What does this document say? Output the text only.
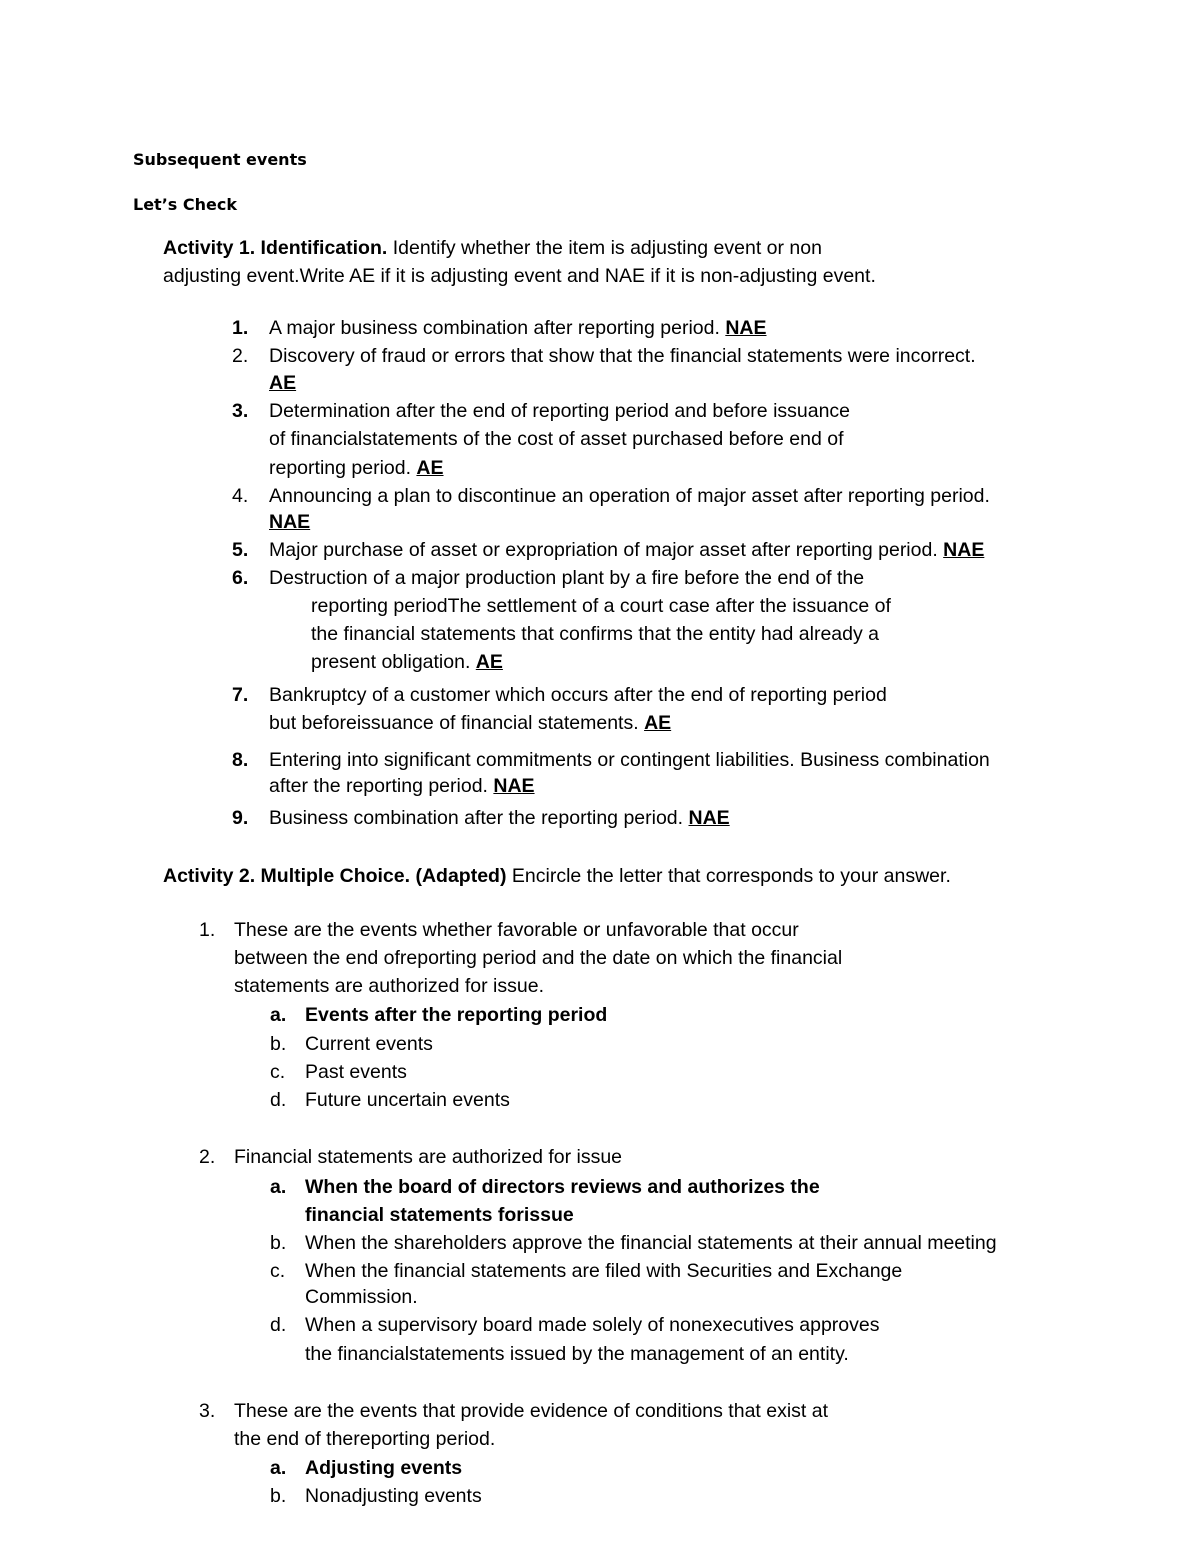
Subsequent events
Let’s Check
Activity 1. Identification. Identify whether the item is adjusting event or non
adjusting event.Write AE if it is adjusting event and NAE if it is non-adjusting event.
1. A major business combination after reporting period. NAE
2. Discovery of fraud or errors that show that the financial statements were incorrect.
AE
3. Determination after the end of reporting period and before issuance
of financialstatements of the cost of asset purchased before end of
reporting period. AE
4. Announcing a plan to discontinue an operation of major asset after reporting period.
NAE
5. Major purchase of asset or expropriation of major asset after reporting period. NAE
6. Destruction of a major production plant by a fire before the end of the
reporting periodThe settlement of a court case after the issuance of
the financial statements that confirms that the entity had already a
present obligation. AE
7. Bankruptcy of a customer which occurs after the end of reporting period
but beforeissuance of financial statements. AE
8. Entering into significant commitments or contingent liabilities. Business combination
after the reporting period. NAE
9. Business combination after the reporting period. NAE
Activity 2. Multiple Choice. (Adapted) Encircle the letter that corresponds to your answer.
1. These are the events whether favorable or unfavorable that occur
between the end ofreporting period and the date on which the financial
statements are authorized for issue.
a. Events after the reporting period
b. Current events
c. Past events
d. Future uncertain events
2. Financial statements are authorized for issue
a. When the board of directors reviews and authorizes the
financial statements forissue
b. When the shareholders approve the financial statements at their annual meeting
c. When the financial statements are filed with Securities and Exchange
Commission.
d. When a supervisory board made solely of nonexecutives approves
the financialstatements issued by the management of an entity.
3. These are the events that provide evidence of conditions that exist at
the end of thereporting period.
a. Adjusting events
b. Nonadjusting events
